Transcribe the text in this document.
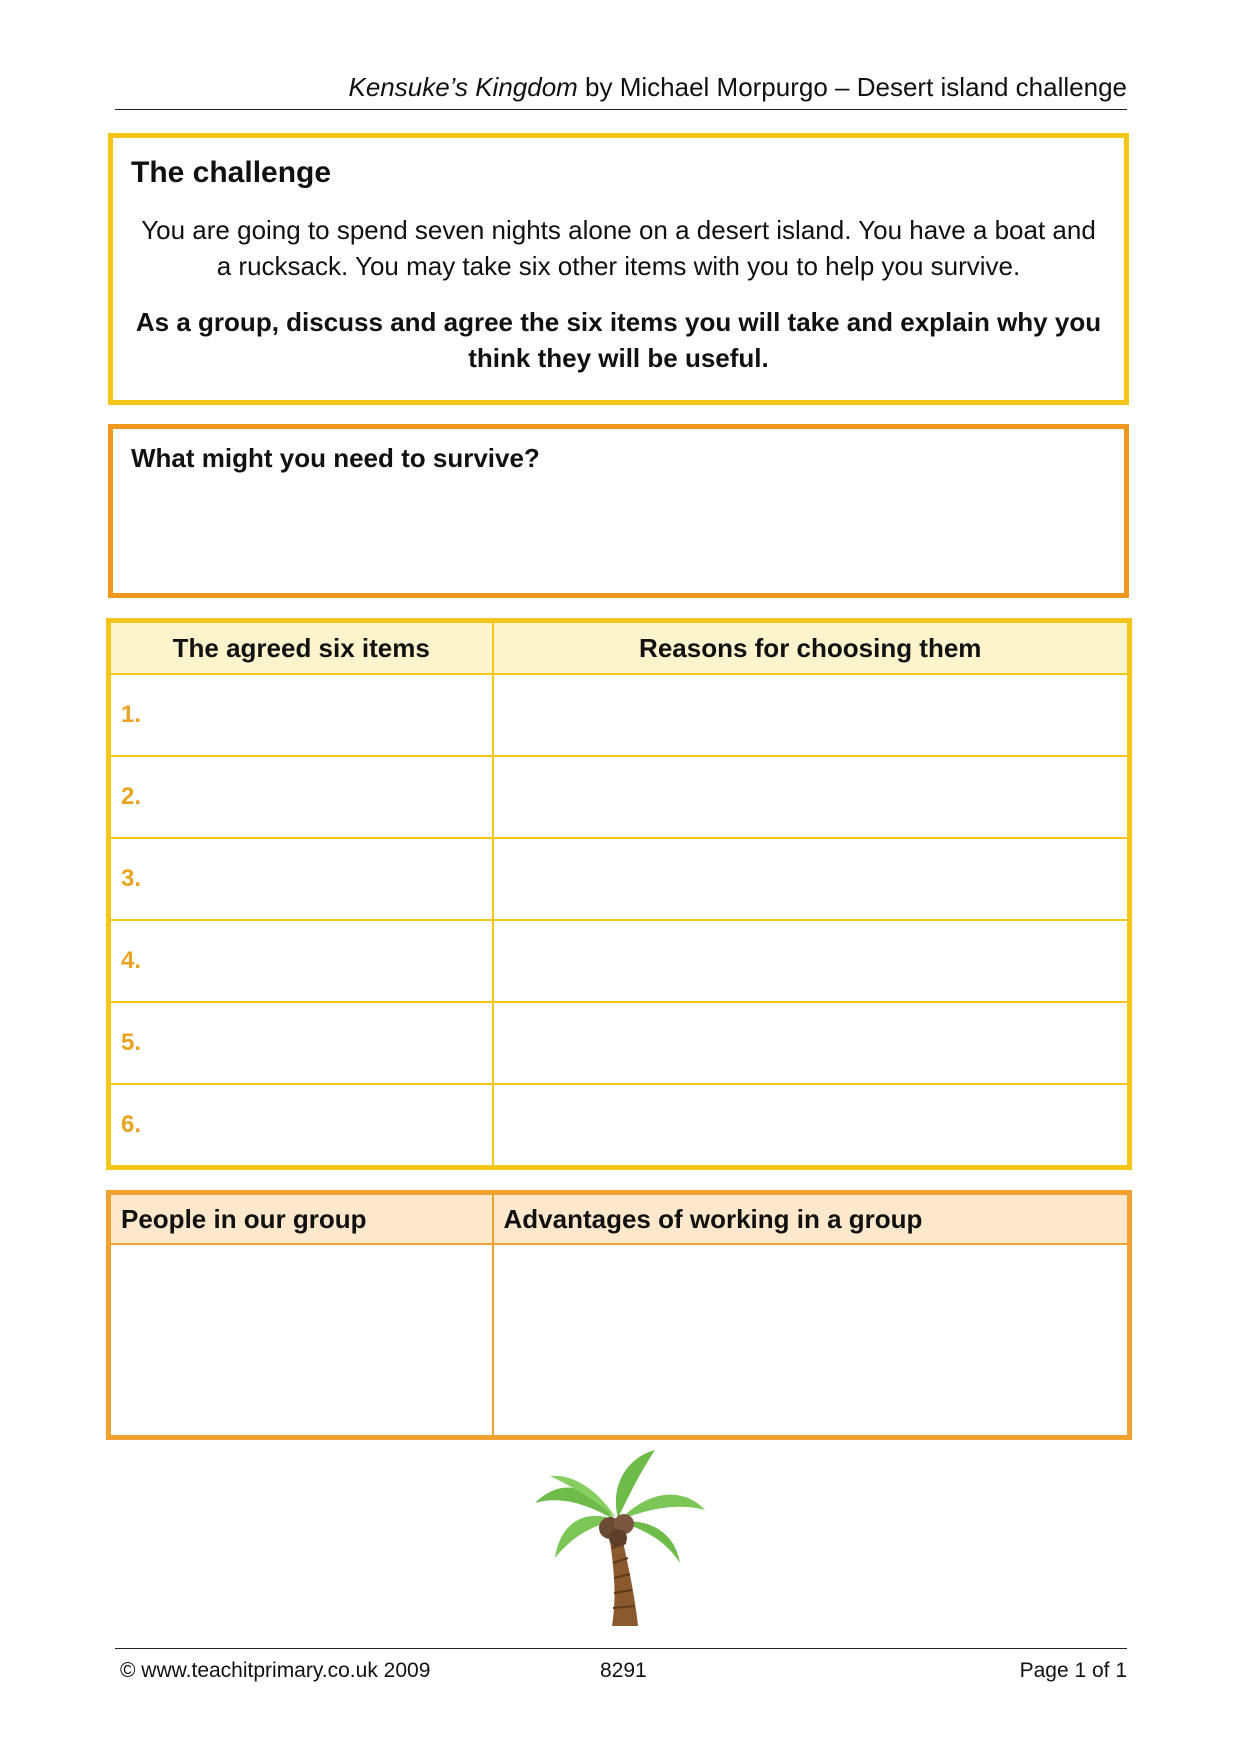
Kensuke’s Kingdom by Michael Morpurgo – Desert island challenge
The challenge

You are going to spend seven nights alone on a desert island. You have a boat and a rucksack. You may take six other items with you to help you survive.

As a group, discuss and agree the six items you will take and explain why you think they will be useful.

What might you need to survive?
The agreed six items	Reasons for choosing them
1.	
2.	
3.	
4.	
5.	
6.	
People in our group	Advantages of working in a group

© www.teachitprimary.co.uk 2009	8291	Page 1 of 1
